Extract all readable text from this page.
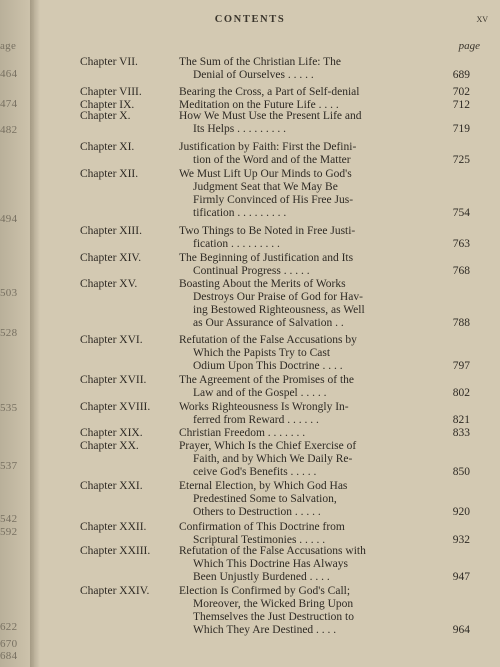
age
464
474
482
494
503
528
535
537
542
592
622
670
684
CONTENTS	xv
page
Chapter VII.	The Sum of the Christian Life: The
Denial of Ourselves . . . . .	689
Chapter VIII.	Bearing the Cross, a Part of Self-denial	702
Chapter IX.	Meditation on the Future Life . . . .	712
Chapter X.	How We Must Use the Present Life and
Its Helps . . . . . . . . .	719
Chapter XI.	Justification by Faith: First the Defini-
tion of the Word and of the Matter	725
Chapter XII.	We Must Lift Up Our Minds to God's
Judgment Seat that We May Be
Firmly Convinced of His Free Jus-
tification . . . . . . . . .	754
Chapter XIII.	Two Things to Be Noted in Free Justi-
fication . . . . . . . . .	763
Chapter XIV.	The Beginning of Justification and Its
Continual Progress . . . . .	768
Chapter XV.	Boasting About the Merits of Works
Destroys Our Praise of God for Hav-
ing Bestowed Righteousness, as Well
as Our Assurance of Salvation . .	788
Chapter XVI.	Refutation of the False Accusations by
Which the Papists Try to Cast
Odium Upon This Doctrine . . . .	797
Chapter XVII.	The Agreement of the Promises of the
Law and of the Gospel . . . . .	802
Chapter XVIII. Works Righteousness Is Wrongly In-
ferred from Reward . . . . . .	821
Chapter XIX.	Christian Freedom . . . . . . .	833
Chapter XX.	Prayer, Which Is the Chief Exercise of
Faith, and by Which We Daily Re-
ceive God's Benefits . . . . .	850
Chapter XXI.	Eternal Election, by Which God Has
Predestined Some to Salvation,
Others to Destruction . . . . .	920
Chapter XXII.	Confirmation of This Doctrine from
Scriptural Testimonies . . . . .	932
Chapter XXIII. Refutation of the False Accusations with
Which This Doctrine Has Always
Been Unjustly Burdened . . . .	947
Chapter XXIV.	Election Is Confirmed by God's Call;
Moreover, the Wicked Bring Upon
Themselves the Just Destruction to
Which They Are Destined . . . .	964
